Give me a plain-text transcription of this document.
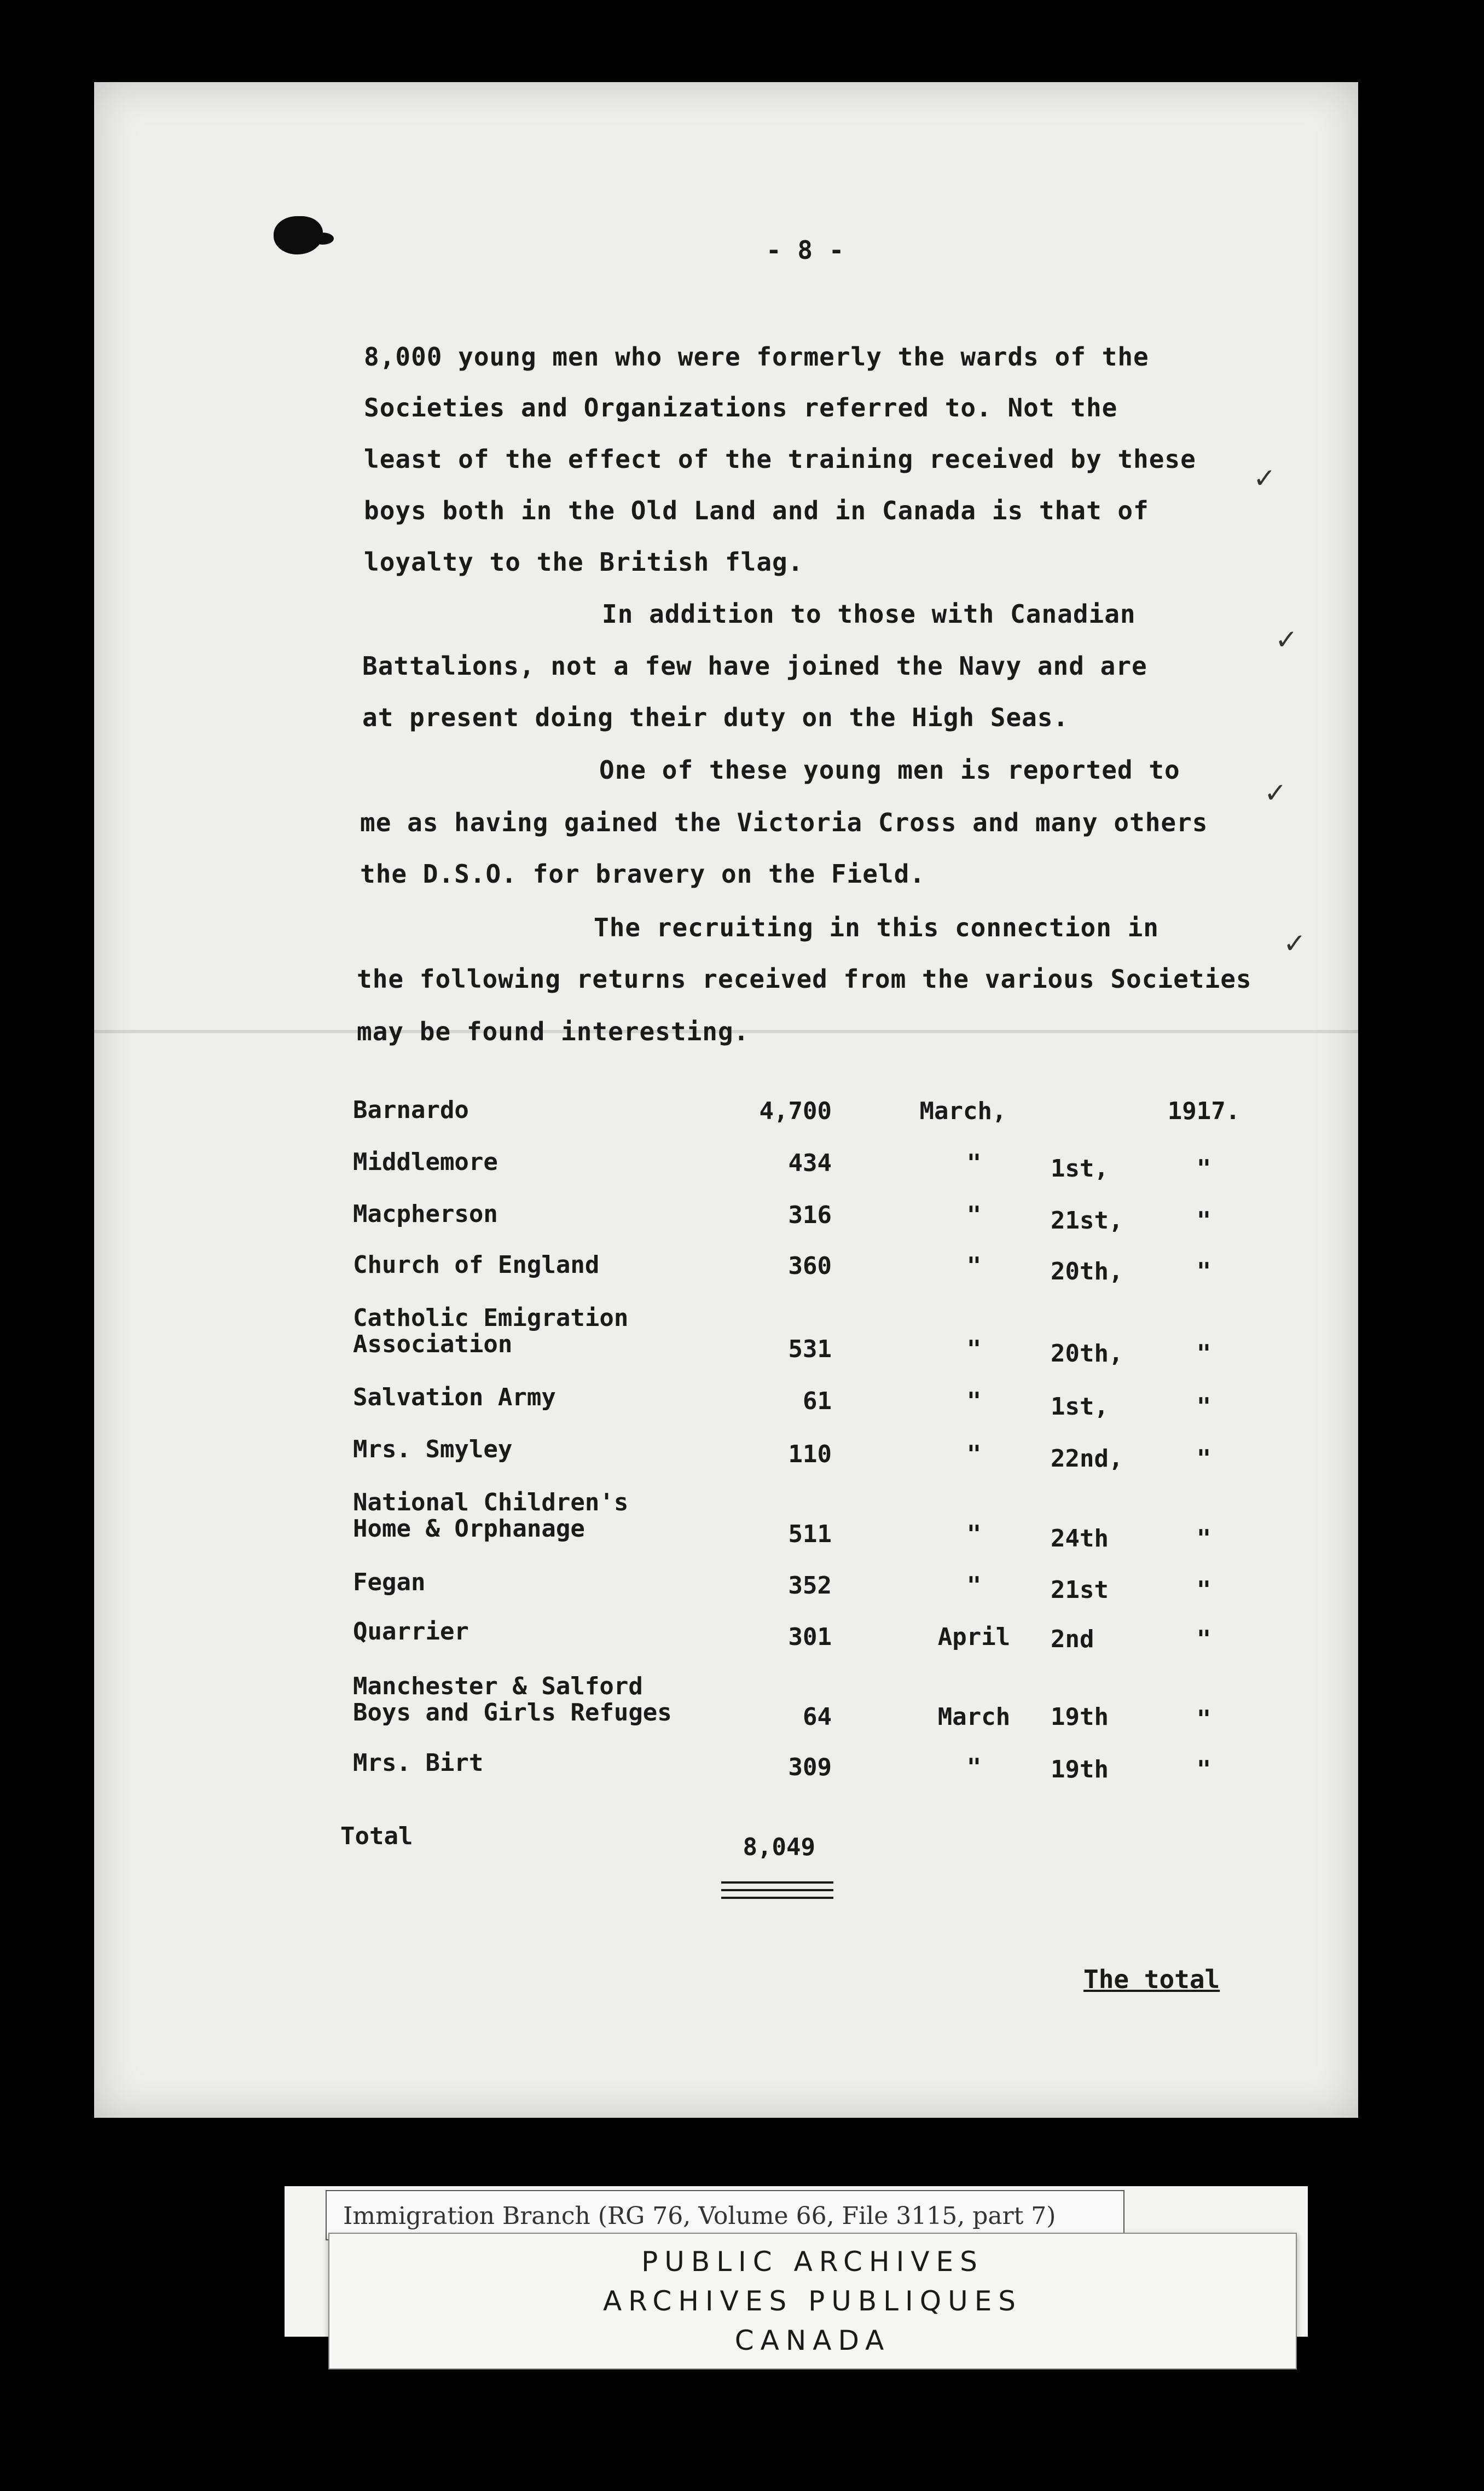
- 8 -
8,000 young men who were formerly the wards of the
Societies and Organizations referred to. Not the
least of the effect of the training received by these
boys both in the Old Land and in Canada is that of
loyalty to the British flag.
In addition to those with Canadian
Battalions, not a few have joined the Navy and are
at present doing their duty on the High Seas.
One of these young men is reported to
me as having gained the Victoria Cross and many others
the D.S.O. for bravery on the Field.
The recruiting in this connection in
the following returns received from the various Societies
may be found interesting.
✓
✓
✓
✓
Barnardo	4,700	March,	1917.
Middlemore	434	"	1st,	"
Macpherson	316	"	21st,	"
Church of England	360	"	20th,	"
Catholic Emigration
Association	531	"	20th,	"
Salvation Army	61	"	1st,	"
Mrs. Smyley	110	"	22nd,	"
National Children's
Home & Orphanage	511	"	24th	"
Fegan	352	"	21st	"
Quarrier	301	April	2nd	"
Manchester & Salford
Boys and Girls Refuges	64	March	19th	"
Mrs. Birt	309	"	19th	"
Total	8,049
The total
Immigration Branch (RG 76, Volume 66, File 3115, part 7)
PUBLIC ARCHIVES
ARCHIVES PUBLIQUES
CANADA
